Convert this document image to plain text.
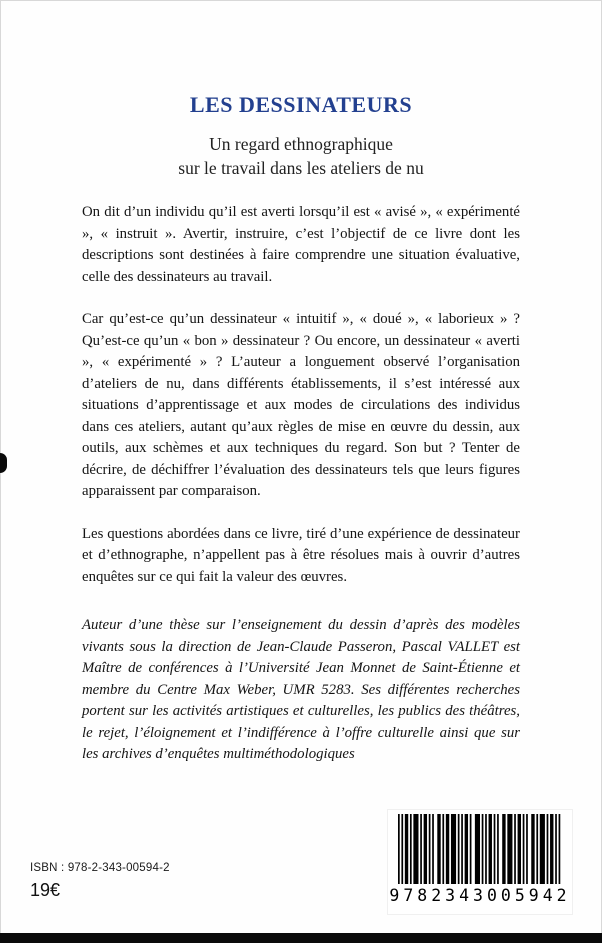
LES DESSINATEURS
Un regard ethnographique
sur le travail dans les ateliers de nu

On dit d’un individu qu’il est averti lorsqu’il est « avisé », « expérimenté », « instruit ». Avertir, instruire, c’est l’objectif de ce livre dont les descriptions sont destinées à faire comprendre une situation évaluative, celle des dessinateurs au travail.

Car qu’est-ce qu’un dessinateur « intuitif », « doué », « laborieux » ? Qu’est-ce qu’un « bon » dessinateur ? Ou encore, un dessinateur « averti », « expérimenté » ? L’auteur a longuement observé l’organisation d’ateliers de nu, dans différents établissements, il s’est intéressé aux situations d’apprentissage et aux modes de circulations des individus dans ces ateliers, autant qu’aux règles de mise en œuvre du dessin, aux outils, aux schèmes et aux techniques du regard. Son but ? Tenter de décrire, de déchiffrer l’évaluation des dessinateurs tels que leurs figures apparaissent par comparaison.

Les questions abordées dans ce livre, tiré d’une expérience de dessinateur et d’ethnographe, n’appellent pas à être résolues mais à ouvrir d’autres enquêtes sur ce qui fait la valeur des œuvres.

Auteur d’une thèse sur l’enseignement du dessin d’après des modèles vivants sous la direction de Jean-Claude Passeron, Pascal VALLET est Maître de conférences à l’Université Jean Monnet de Saint-Étienne et membre du Centre Max Weber, UMR 5283. Ses différentes recherches portent sur les activités artistiques et culturelles, les publics des théâtres, le rejet, l’éloignement et l’indifférence à l’offre culturelle ainsi que sur les archives d’enquêtes multiméthodologiques

ISBN : 978-2-343-00594-2
19€	9782343005942
